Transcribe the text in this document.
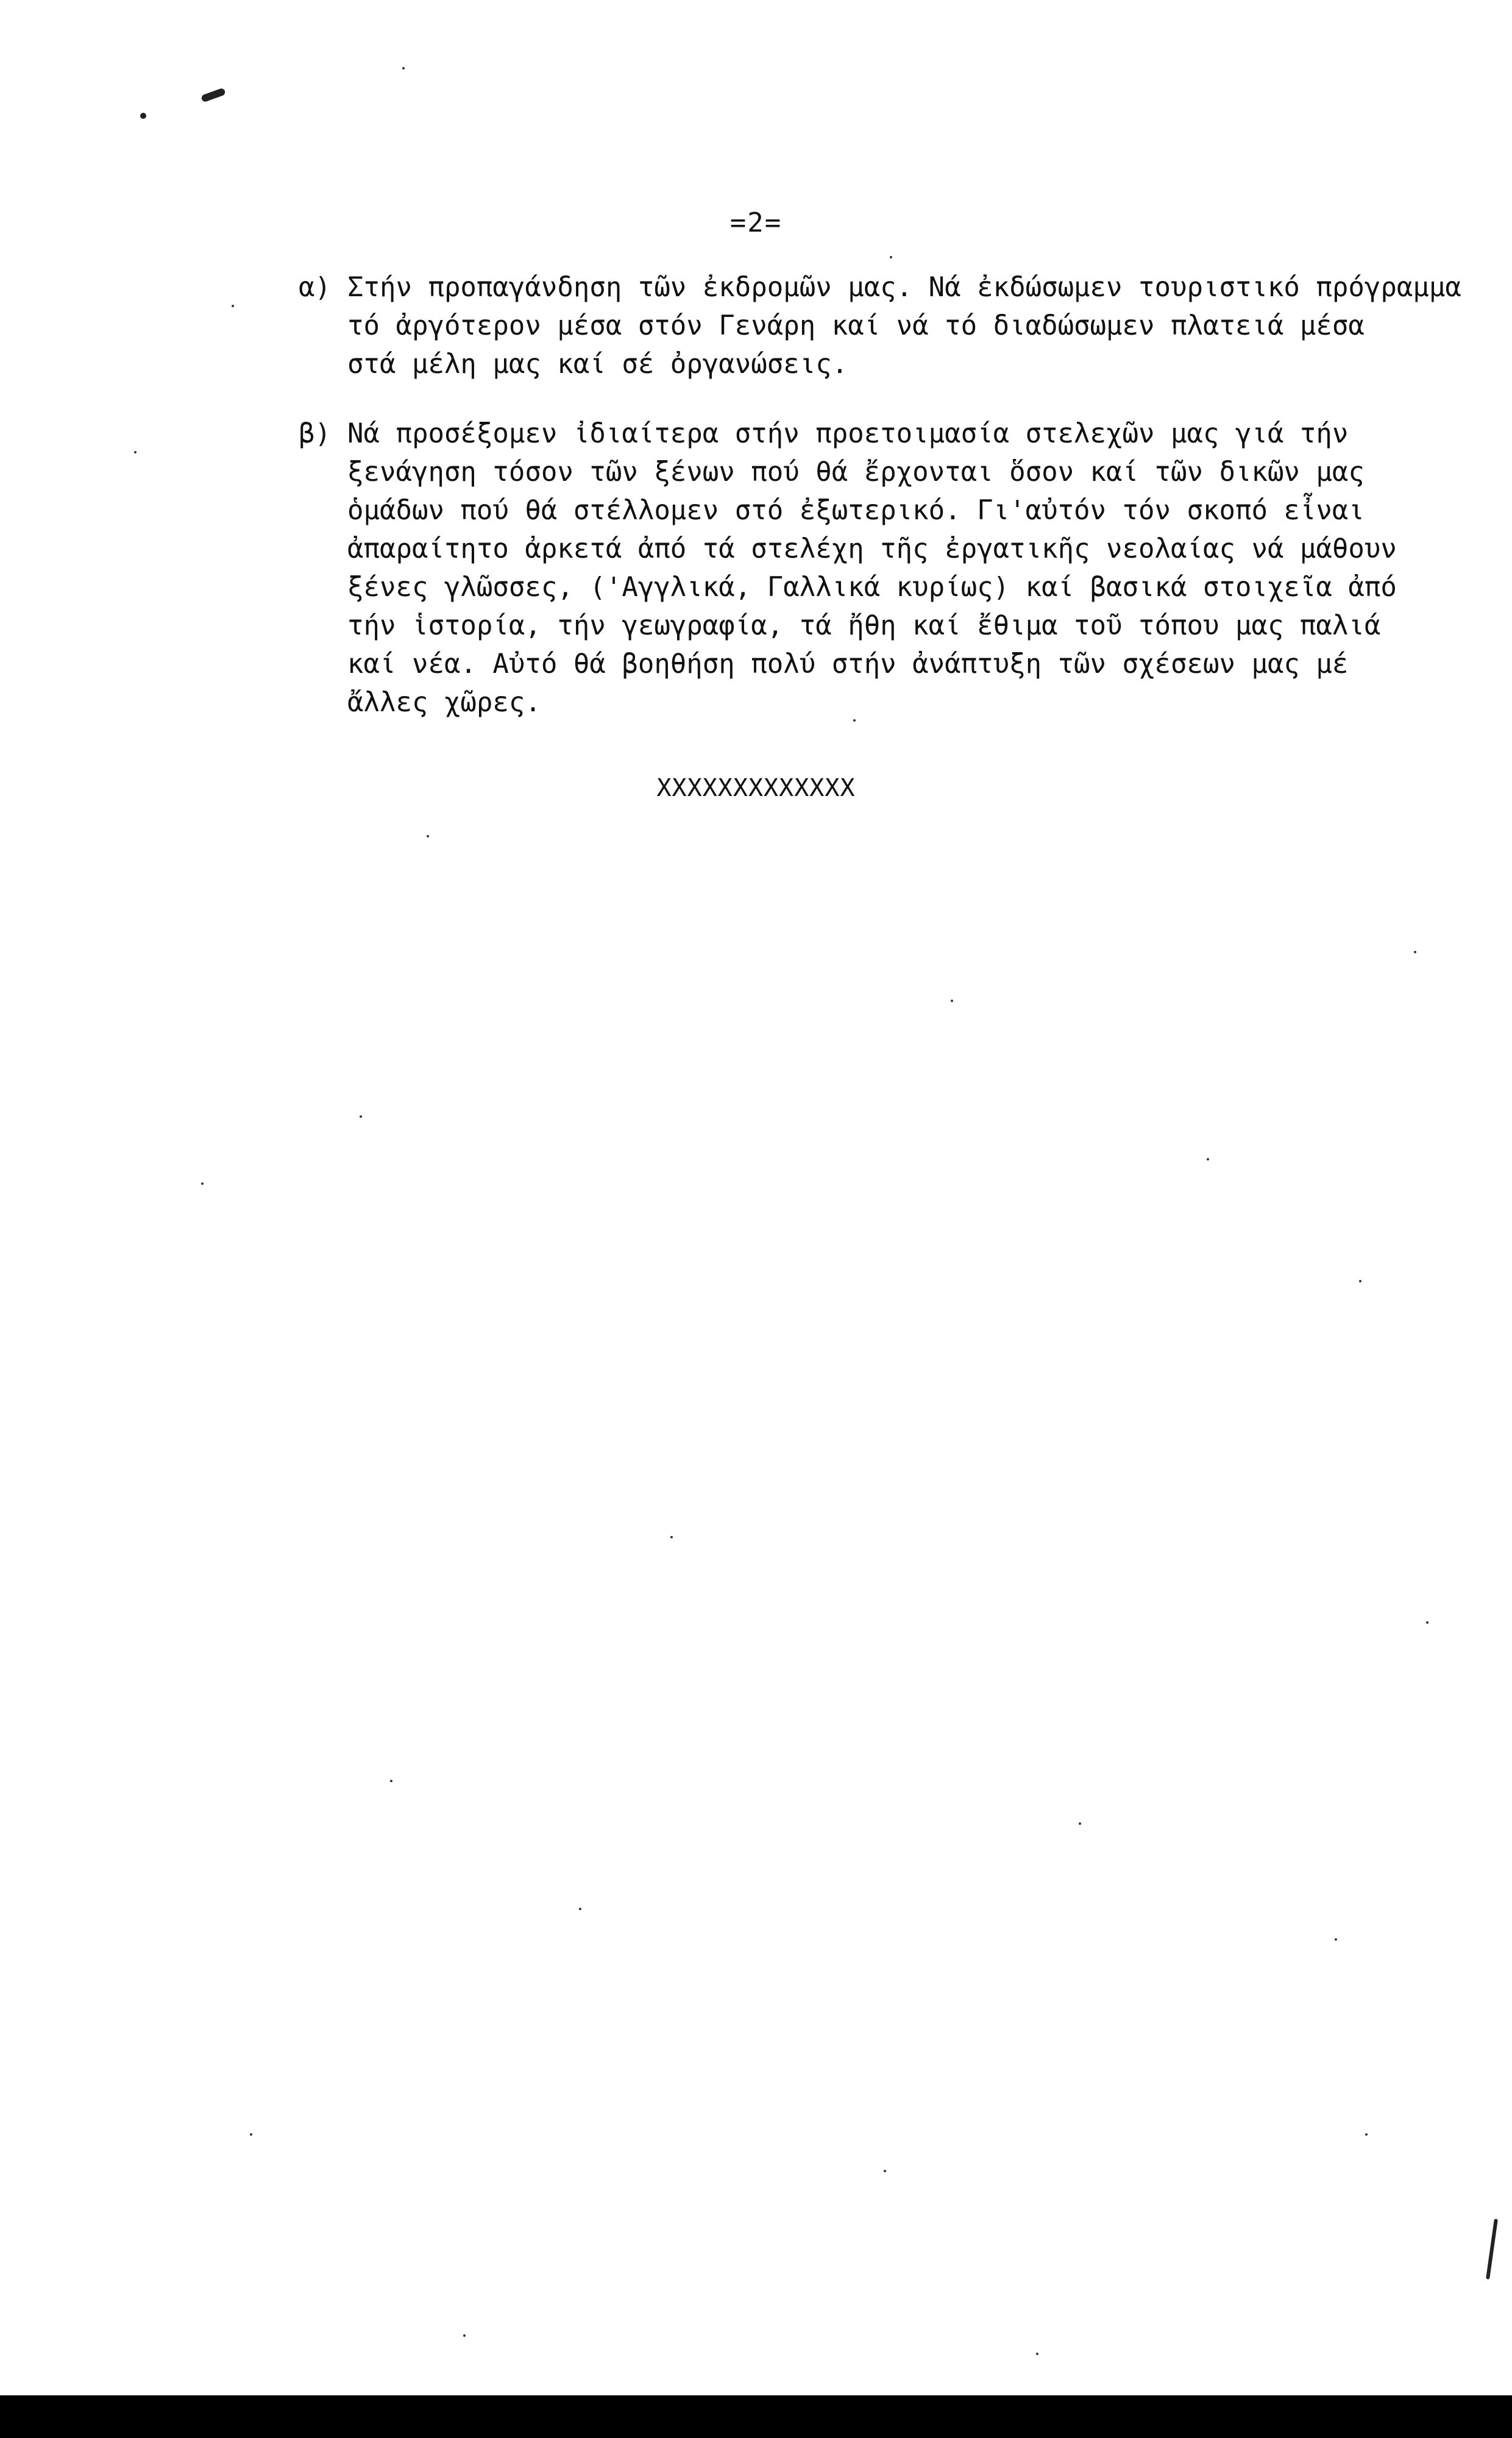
=2=
α) Στήν προπαγάνδηση τῶν ἐκδρομῶν μας. Νά ἐκδώσωμεν τουριστικό πρόγραμμα
τό ἀργότερον μέσα στόν Γενάρη καί νά τό διαδώσωμεν πλατειά μέσα
στά μέλη μας καί σέ ὀργανώσεις.
β) Νά προσέξομεν ἰδιαίτερα στήν προετοιμασία στελεχῶν μας γιά τήν
ξενάγηση τόσον τῶν ξένων πού θά ἔρχονται ὅσον καί τῶν δικῶν μας
ὁμάδων πού θά στέλλομεν στό ἐξωτερικό. Γι'αὐτόν τόν σκοπό εἶναι
ἀπαραίτητο ἀρκετά ἀπό τά στελέχη τῆς ἐργατικῆς νεολαίας νά μάθουν
ξένες γλῶσσες, ('Αγγλικά, Γαλλικά κυρίως) καί βασικά στοιχεῖα ἀπό
τήν ἱστορία, τήν γεωγραφία, τά ἤθη καί ἔθιμα τοῦ τόπου μας παλιά
καί νέα. Αὐτό θά βοηθήση πολύ στήν ἀνάπτυξη τῶν σχέσεων μας μέ
ἄλλες χῶρες.
XXXXXXXXXXXXX
